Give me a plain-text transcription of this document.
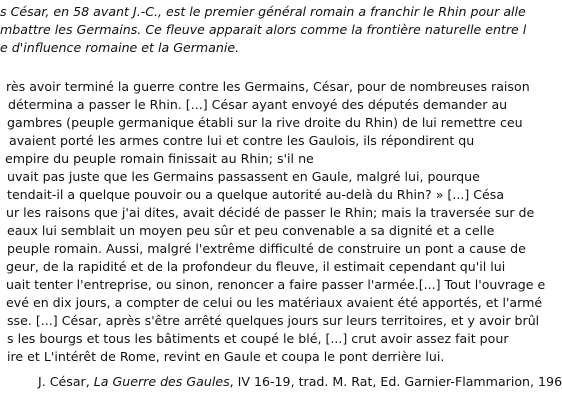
s César, en 58 avant J.-C., est le premier général romain a franchir le Rhin pour alle
mbattre les Germains. Ce fleuve apparait alors comme la frontière naturelle entre l
e d'influence romaine et la Germanie.
rès avoir terminé la guerre contre les Germains, César, pour de nombreuses raison
détermina a passer le Rhin. [...] César ayant envoyé des députés demander au
gambres (peuple germanique établi sur la rive droite du Rhin) de lui remettre ceu
avaient porté les armes contre lui et contre les Gaulois, ils répondirent qu
empire du peuple romain finissait au Rhin; s'il ne
uvait pas juste que les Germains passassent en Gaule, malgré lui, pourque
tendait-il a quelque pouvoir ou a quelque autorité au-delà du Rhin? » [...] Césa
ur les raisons que j'ai dites, avait décidé de passer le Rhin; mais la traversée sur de
eaux lui semblait un moyen peu sûr et peu convenable a sa dignité et a celle
peuple romain. Aussi, malgré l'extrême difficulté de construire un pont a cause de
geur, de la rapidité et de la profondeur du fleuve, il estimait cependant qu'il lui
uait tenter l'entreprise, ou sinon, renoncer a faire passer l'armée.[...] Tout l'ouvrage e
evé en dix jours, a compter de celui ou les matériaux avaient été apportés, et l'armé
sse. [...] César, après s'être arrêté quelques jours sur leurs territoires, et y avoir brûl
s les bourgs et tous les bâtiments et coupé le blé, [...] crut avoir assez fait pour
ire et L'intérêt de Rome, revint en Gaule et coupa le pont derrière lui.
J. César, La Guerre des Gaules, IV 16-19, trad. M. Rat, Ed. Garnier-Flammarion, 196
